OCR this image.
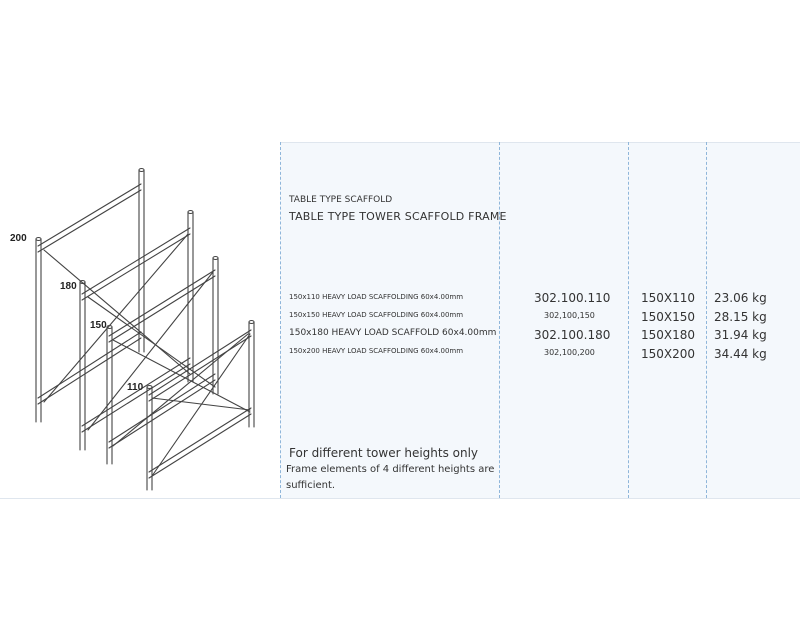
200
180
150
110
TABLE TYPE SCAFFOLD
TABLE TYPE TOWER SCAFFOLD FRAME
150x110 HEAVY LOAD SCAFFOLDING 60x4.00mm
150x150 HEAVY LOAD SCAFFOLDING 60x4.00mm
150x180 HEAVY LOAD SCAFFOLD 60x4.00mm
150x200 HEAVY LOAD SCAFFOLDING 60x4.00mm
302.100.110
302,100,150
302.100.180
302,100,200
150X110
150X150
150X180
150X200
23.06 kg
28.15 kg
31.94 kg
34.44 kg
For different tower heights only
Frame elements of 4 different heights are
sufficient.
